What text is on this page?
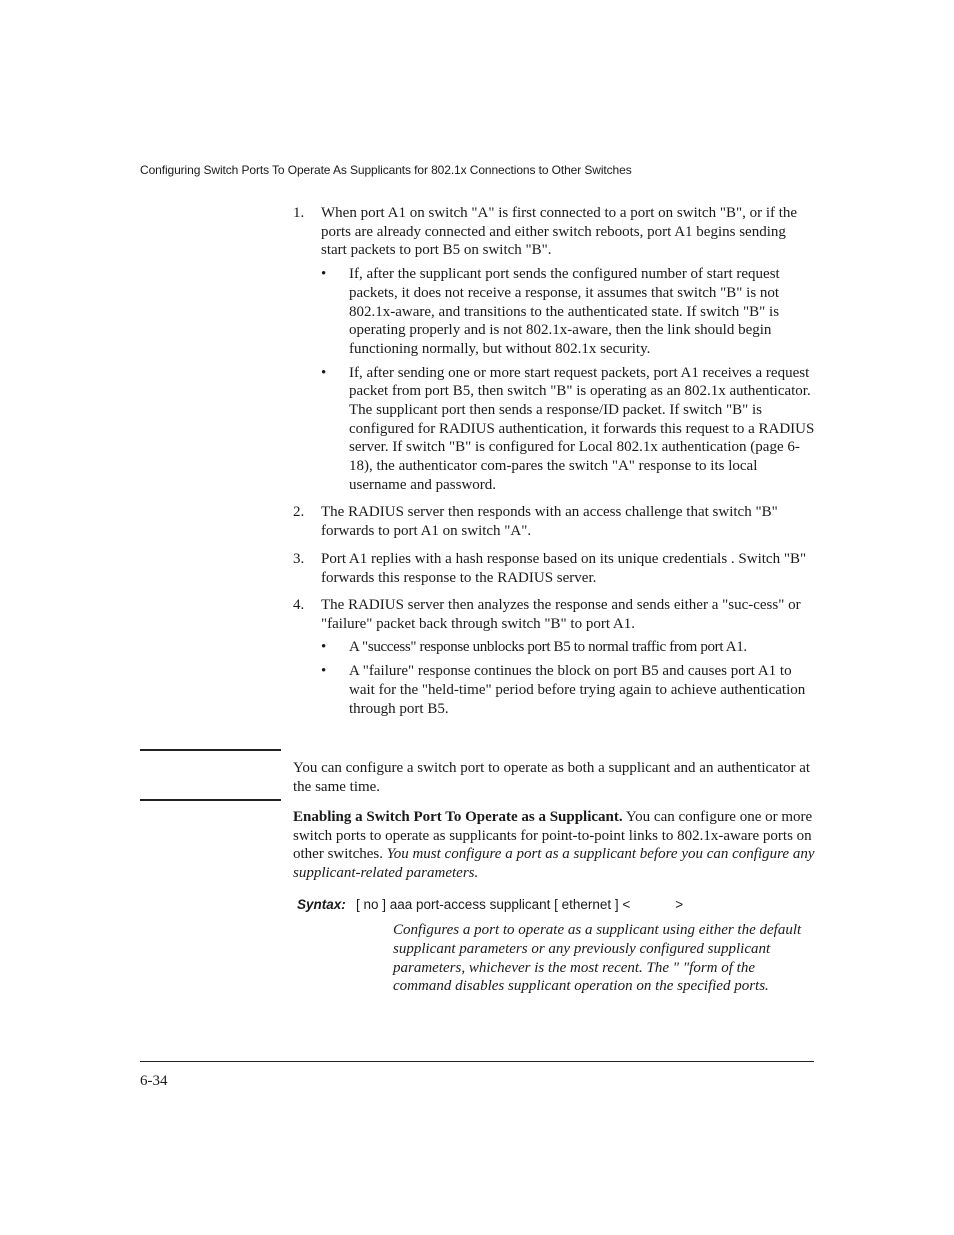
Configuring Switch Ports To Operate As Supplicants for 802.1x Connections to Other Switches
1. When port A1 on switch "A" is first connected to a port on switch "B", or if the ports are already connected and either switch reboots, port A1 begins sending start packets to port B5 on switch "B".
• If, after the supplicant port sends the configured number of start request packets, it does not receive a response, it assumes that switch "B" is not 802.1x-aware, and transitions to the authenticated state. If switch "B" is operating properly and is not 802.1x-aware, then the link should begin functioning normally, but without 802.1x security.
• If, after sending one or more start request packets, port A1 receives a request packet from port B5, then switch "B" is operating as an 802.1x authenticator. The supplicant port then sends a response/ID packet. If switch "B" is configured for RADIUS authentication, it forwards this request to a RADIUS server. If switch "B" is configured for Local 802.1x authentication (page 6-18), the authenticator com-pares the switch "A" response to its local username and password.
2. The RADIUS server then responds with an access challenge that switch "B" forwards to port A1 on switch "A".
3. Port A1 replies with a hash response based on its unique credentials . Switch "B" forwards this response to the RADIUS server.
4. The RADIUS server then analyzes the response and sends either a "suc-cess" or "failure" packet back through switch "B" to port A1.
• A "success" response unblocks port B5 to normal traffic from port A1.
• A "failure" response continues the block on port B5 and causes port A1 to wait for the "held-time" period before trying again to achieve authentication through port B5.
You can configure a switch port to operate as both a supplicant and an authenticator at the same time.
Enabling a Switch Port To Operate as a Supplicant. You can configure one or more switch ports to operate as supplicants for point-to-point links to 802.1x-aware ports on other switches. You must configure a port as a supplicant before you can configure any supplicant-related parameters.
Syntax: [ no ] aaa port-access supplicant [ ethernet ] <            >
Configures a port to operate as a supplicant using either the default supplicant parameters or any previously configured supplicant parameters, whichever is the most recent. The " "form of the command disables supplicant operation on the specified ports.
6-34
